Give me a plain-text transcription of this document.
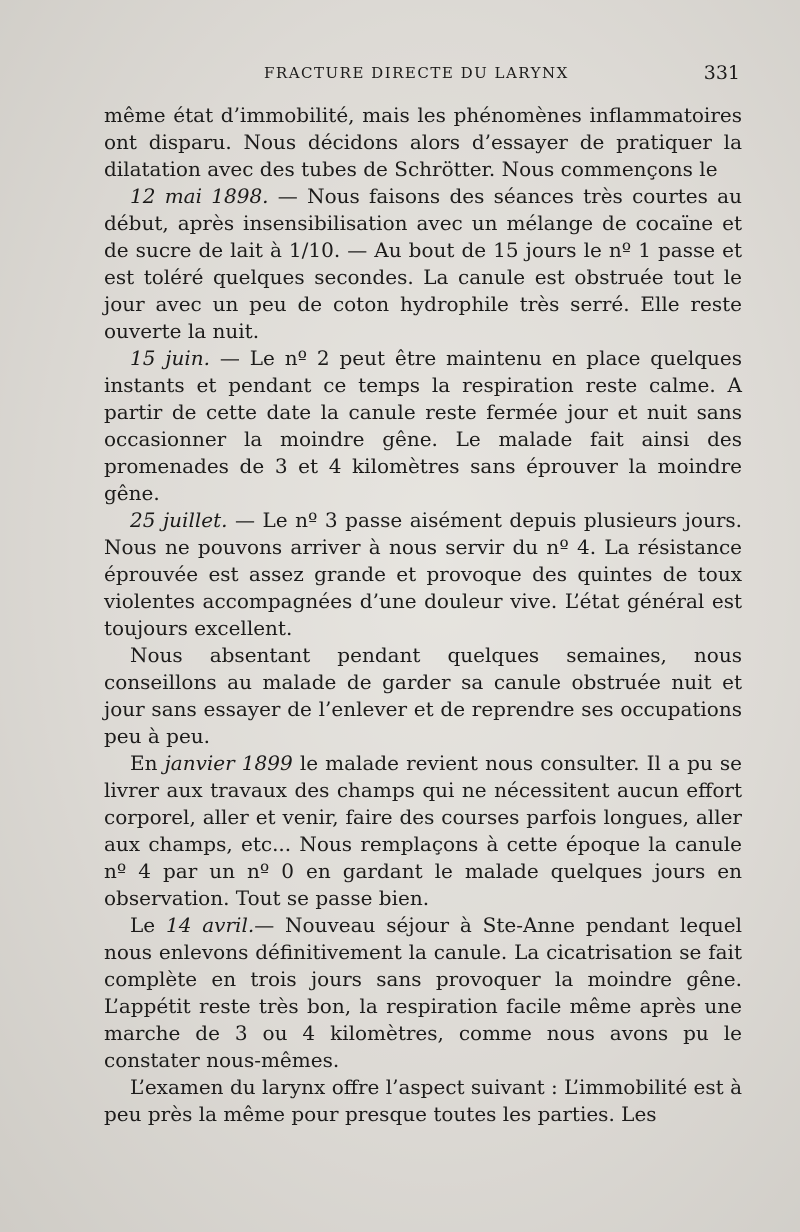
FRACTURE DIRECTE DU LARYNX	331

même état d’immobilité, mais les phénomènes inflammatoires ont disparu. Nous décidons alors d’essayer de pratiquer la dilatation avec des tubes de Schrötter. Nous commençons le

12 mai 1898. — Nous faisons des séances très courtes au début, après insensibilisation avec un mélange de cocaïne et de sucre de lait à 1/10. — Au bout de 15 jours le nº 1 passe et est toléré quelques secondes. La canule est obstruée tout le jour avec un peu de coton hydrophile très serré. Elle reste ouverte la nuit.

15 juin. — Le nº 2 peut être maintenu en place quelques instants et pendant ce temps la respiration reste calme. A partir de cette date la canule reste fermée jour et nuit sans occasionner la moindre gêne. Le malade fait ainsi des promenades de 3 et 4 kilomètres sans éprouver la moindre gêne.

25 juillet. — Le nº 3 passe aisément depuis plusieurs jours. Nous ne pouvons arriver à nous servir du nº 4. La résistance éprouvée est assez grande et provoque des quintes de toux violentes accompagnées d’une douleur vive. L’état général est toujours excellent.

Nous absentant pendant quelques semaines, nous conseillons au malade de garder sa canule obstruée nuit et jour sans essayer de l’enlever et de reprendre ses occupations peu à peu.

En janvier 1899 le malade revient nous consulter. Il a pu se livrer aux travaux des champs qui ne nécessitent aucun effort corporel, aller et venir, faire des courses parfois longues, aller aux champs, etc... Nous remplaçons à cette époque la canule nº 4 par un nº 0 en gardant le malade quelques jours en observation. Tout se passe bien.

Le 14 avril.— Nouveau séjour à Ste-Anne pendant lequel nous enlevons définitivement la canule. La cicatrisation se fait complète en trois jours sans provoquer la moindre gêne. L’appétit reste très bon, la respiration facile même après une marche de 3 ou 4 kilomètres, comme nous avons pu le constater nous-mêmes.

L’examen du larynx offre l’aspect suivant : L’immobilité est à peu près la même pour presque toutes les parties. Les
